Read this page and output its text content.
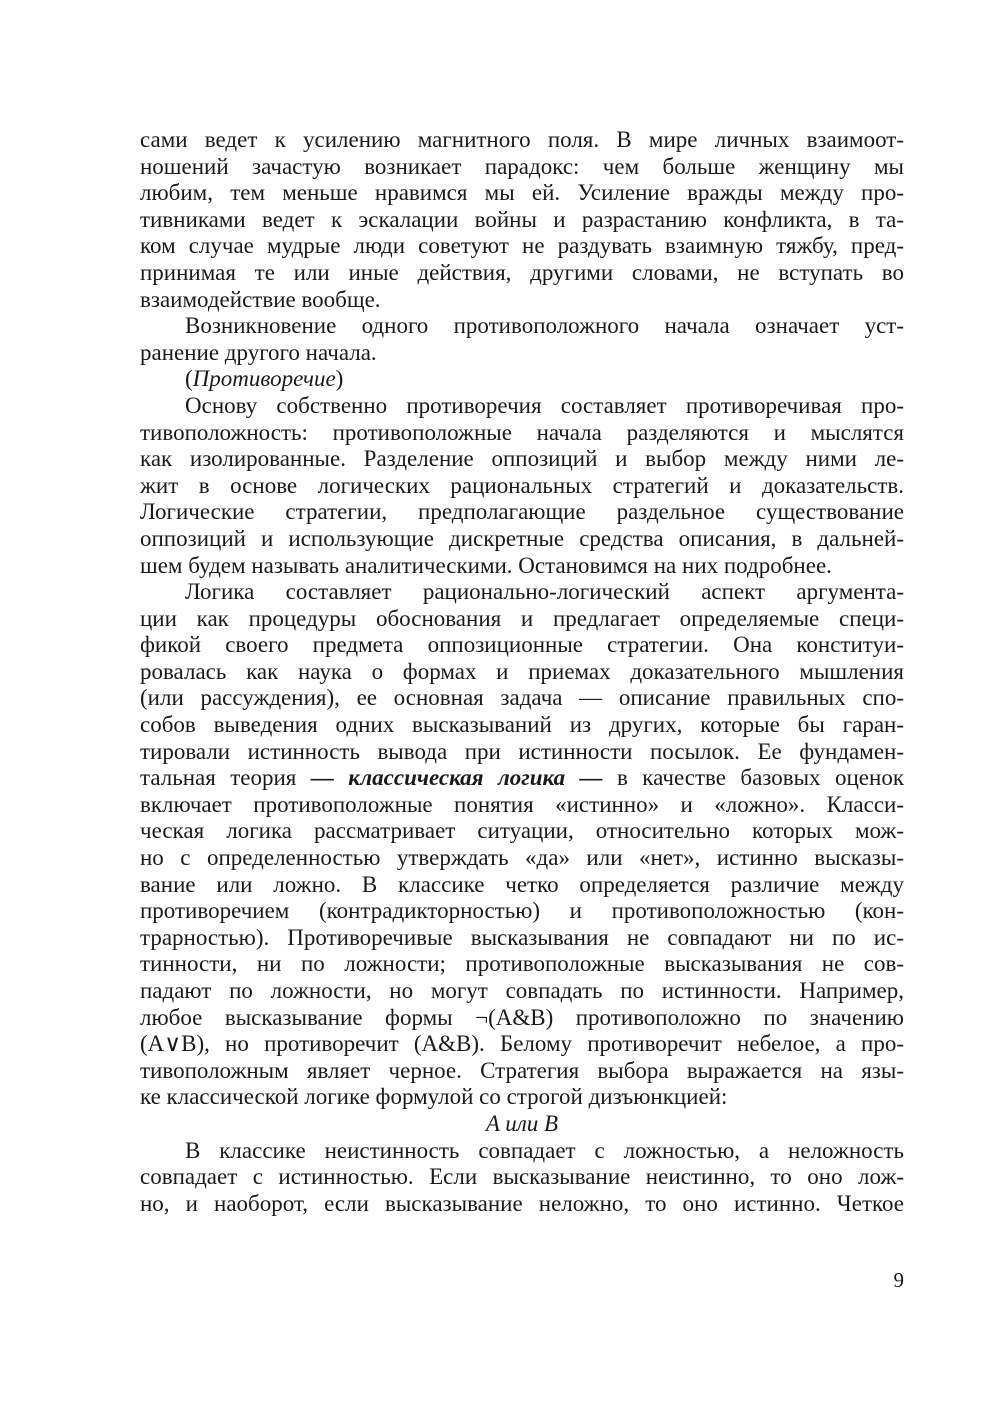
сами ведет к усилению магнитного поля. В мире личных взаимоот-
ношений зачастую возникает парадокс: чем больше женщину мы
любим, тем меньше нравимся мы ей. Усиление вражды между про-
тивниками ведет к эскалации войны и разрастанию конфликта, в та-
ком случае мудрые люди советуют не раздувать взаимную тяжбу, пред-
принимая те или иные действия, другими словами, не вступать во
взаимодействие вообще.
Возникновение одного противоположного начала означает уст-
ранение другого начала.
(Противоречие)
Основу собственно противоречия составляет противоречивая про-
тивоположность: противоположные начала разделяются и мыслятся
как изолированные. Разделение оппозиций и выбор между ними ле-
жит в основе логических рациональных стратегий и доказательств.
Логические стратегии, предполагающие раздельное существование
оппозиций и использующие дискретные средства описания, в дальней-
шем будем называть аналитическими. Остановимся на них подробнее.
Логика составляет рационально-логический аспект аргумента-
ции как процедуры обоснования и предлагает определяемые специ-
фикой своего предмета оппозиционные стратегии. Она конституи-
ровалась как наука о формах и приемах доказательного мышления
(или рассуждения), ее основная задача — описание правильных спо-
собов выведения одних высказываний из других, которые бы гаран-
тировали истинность вывода при истинности посылок. Ее фундамен-
тальная теория — классическая логика — в качестве базовых оценок
включает противоположные понятия «истинно» и «ложно». Класси-
ческая логика рассматривает ситуации, относительно которых мож-
но с определенностью утверждать «да» или «нет», истинно высказы-
вание или ложно. В классике четко определяется различие между
противоречием (контрадикторностью) и противоположностью (кон-
трарностью). Противоречивые высказывания не совпадают ни по ис-
тинности, ни по ложности; противоположные высказывания не сов-
падают по ложности, но могут совпадать по истинности. Например,
любое высказывание формы ¬(A&B) противоположно по значению
(A∨B), но противоречит (A&B). Белому противоречит небелое, а про-
тивоположным являет черное. Стратегия выбора выражается на язы-
ке классической логике формулой со строгой дизъюнкцией:
A или B
В классике неистинность совпадает с ложностью, а неложность
совпадает с истинностью. Если высказывание неистинно, то оно лож-
но, и наоборот, если высказывание неложно, то оно истинно. Четкое
9
